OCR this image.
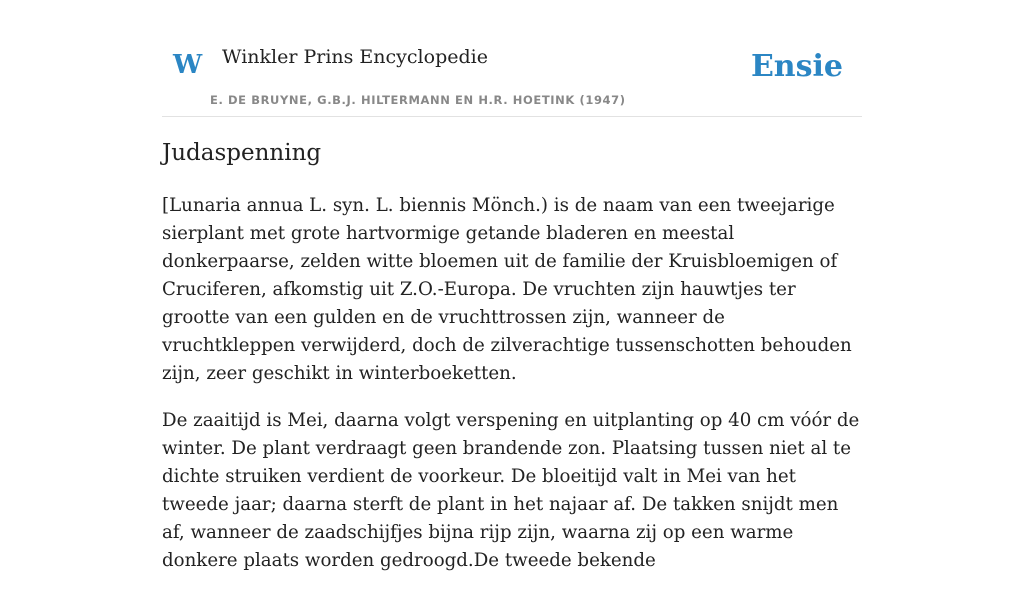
W Winkler Prins Encyclopedie
E. DE BRUYNE, G.B.J. HILTERMANN EN H.R. HOETINK (1947)
Ensie
Judaspenning

[Lunaria annua L. syn. L. biennis Mönch.) is de naam van een tweejarige sierplant met grote hartvormige getande bladeren en meestal donkerpaarse, zelden witte bloemen uit de familie der Kruisbloemigen of Cruciferen, afkomstig uit Z.O.-Europa. De vruchten zijn hauwtjes ter grootte van een gulden en de vruchttrossen zijn, wanneer de vruchtkleppen verwijderd, doch de zilverachtige tussenschotten behouden zijn, zeer geschikt in winterboeketten.

De zaaitijd is Mei, daarna volgt verspening en uitplanting op 40 cm vóór de winter. De plant verdraagt geen brandende zon. Plaatsing tussen niet al te dichte struiken verdient de voorkeur. De bloeitijd valt in Mei van het tweede jaar; daarna sterft de plant in het najaar af. De takken snijdt men af, wanneer de zaadschijfjes bijna rijp zijn, waarna zij op een warme donkere plaats worden gedroogd.De tweede bekende
